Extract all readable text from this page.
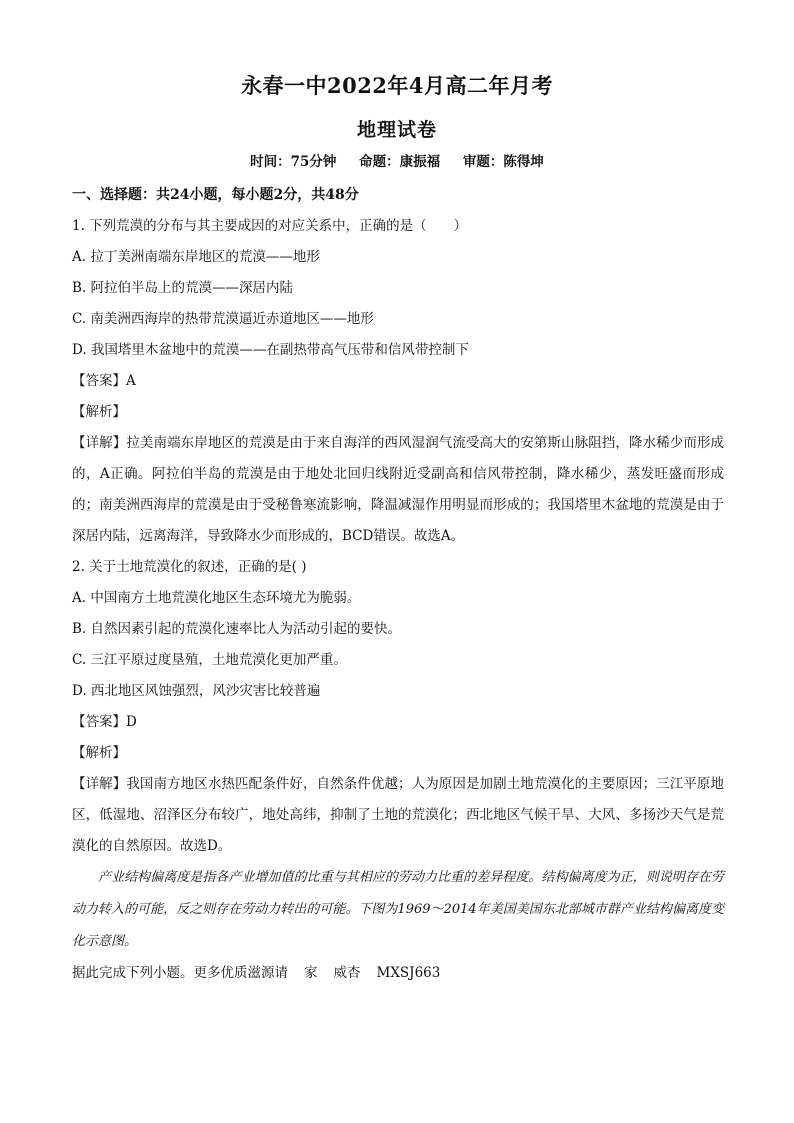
永春一中2022年4月高二年月考
地理试卷
时间：75分钟 命题：康振福 审题：陈得坤
一、选择题：共24小题，每小题2分，共48分
1. 下列荒漠的分布与其主要成因的对应关系中，正确的是（　　）
A. 拉丁美洲南端东岸地区的荒漠——地形
B. 阿拉伯半岛上的荒漠——深居内陆
C. 南美洲西海岸的热带荒漠逼近赤道地区——地形
D. 我国塔里木盆地中的荒漠——在副热带高气压带和信风带控制下
【答案】A
【解析】

【详解】拉美南端东岸地区的荒漠是由于来自海洋的西风湿润气流受高大的安第斯山脉阻挡，降水稀少而形成的，A正确。阿拉伯半岛的荒漠是由于地处北回归线附近受副高和信风带控制，降水稀少，蒸发旺盛而形成的；南美洲西海岸的荒漠是由于受秘鲁寒流影响，降温减湿作用明显而形成的；我国塔里木盆地的荒漠是由于深居内陆，远离海洋，导致降水少而形成的，BCD错误。故选A。

2. 关于土地荒漠化的叙述，正确的是( )
A. 中国南方土地荒漠化地区生态环境尤为脆弱。
B. 自然因素引起的荒漠化速率比人为活动引起的要快。
C. 三江平原过度垦殖，土地荒漠化更加严重。
D. 西北地区风蚀强烈，风沙灾害比较普遍
【答案】D
【解析】

【详解】我国南方地区水热匹配条件好，自然条件优越；人为原因是加剧土地荒漠化的主要原因；三江平原地区，低湿地、沼泽区分布较广，地处高纬，抑制了土地的荒漠化；西北地区气候干旱、大风、多扬沙天气是荒漠化的自然原因。故选D。

产业结构偏离度是指各产业增加值的比重与其相应的劳动力比重的差异程度。结构偏离度为正，则说明存在劳动力转入的可能，反之则存在劳动力转出的可能。下图为1969～2014年美国美国东北部城市群产业结构偏离度变化示意图。

据此完成下列小题。更多优质滋源请 家 威杏 MXSJ663
